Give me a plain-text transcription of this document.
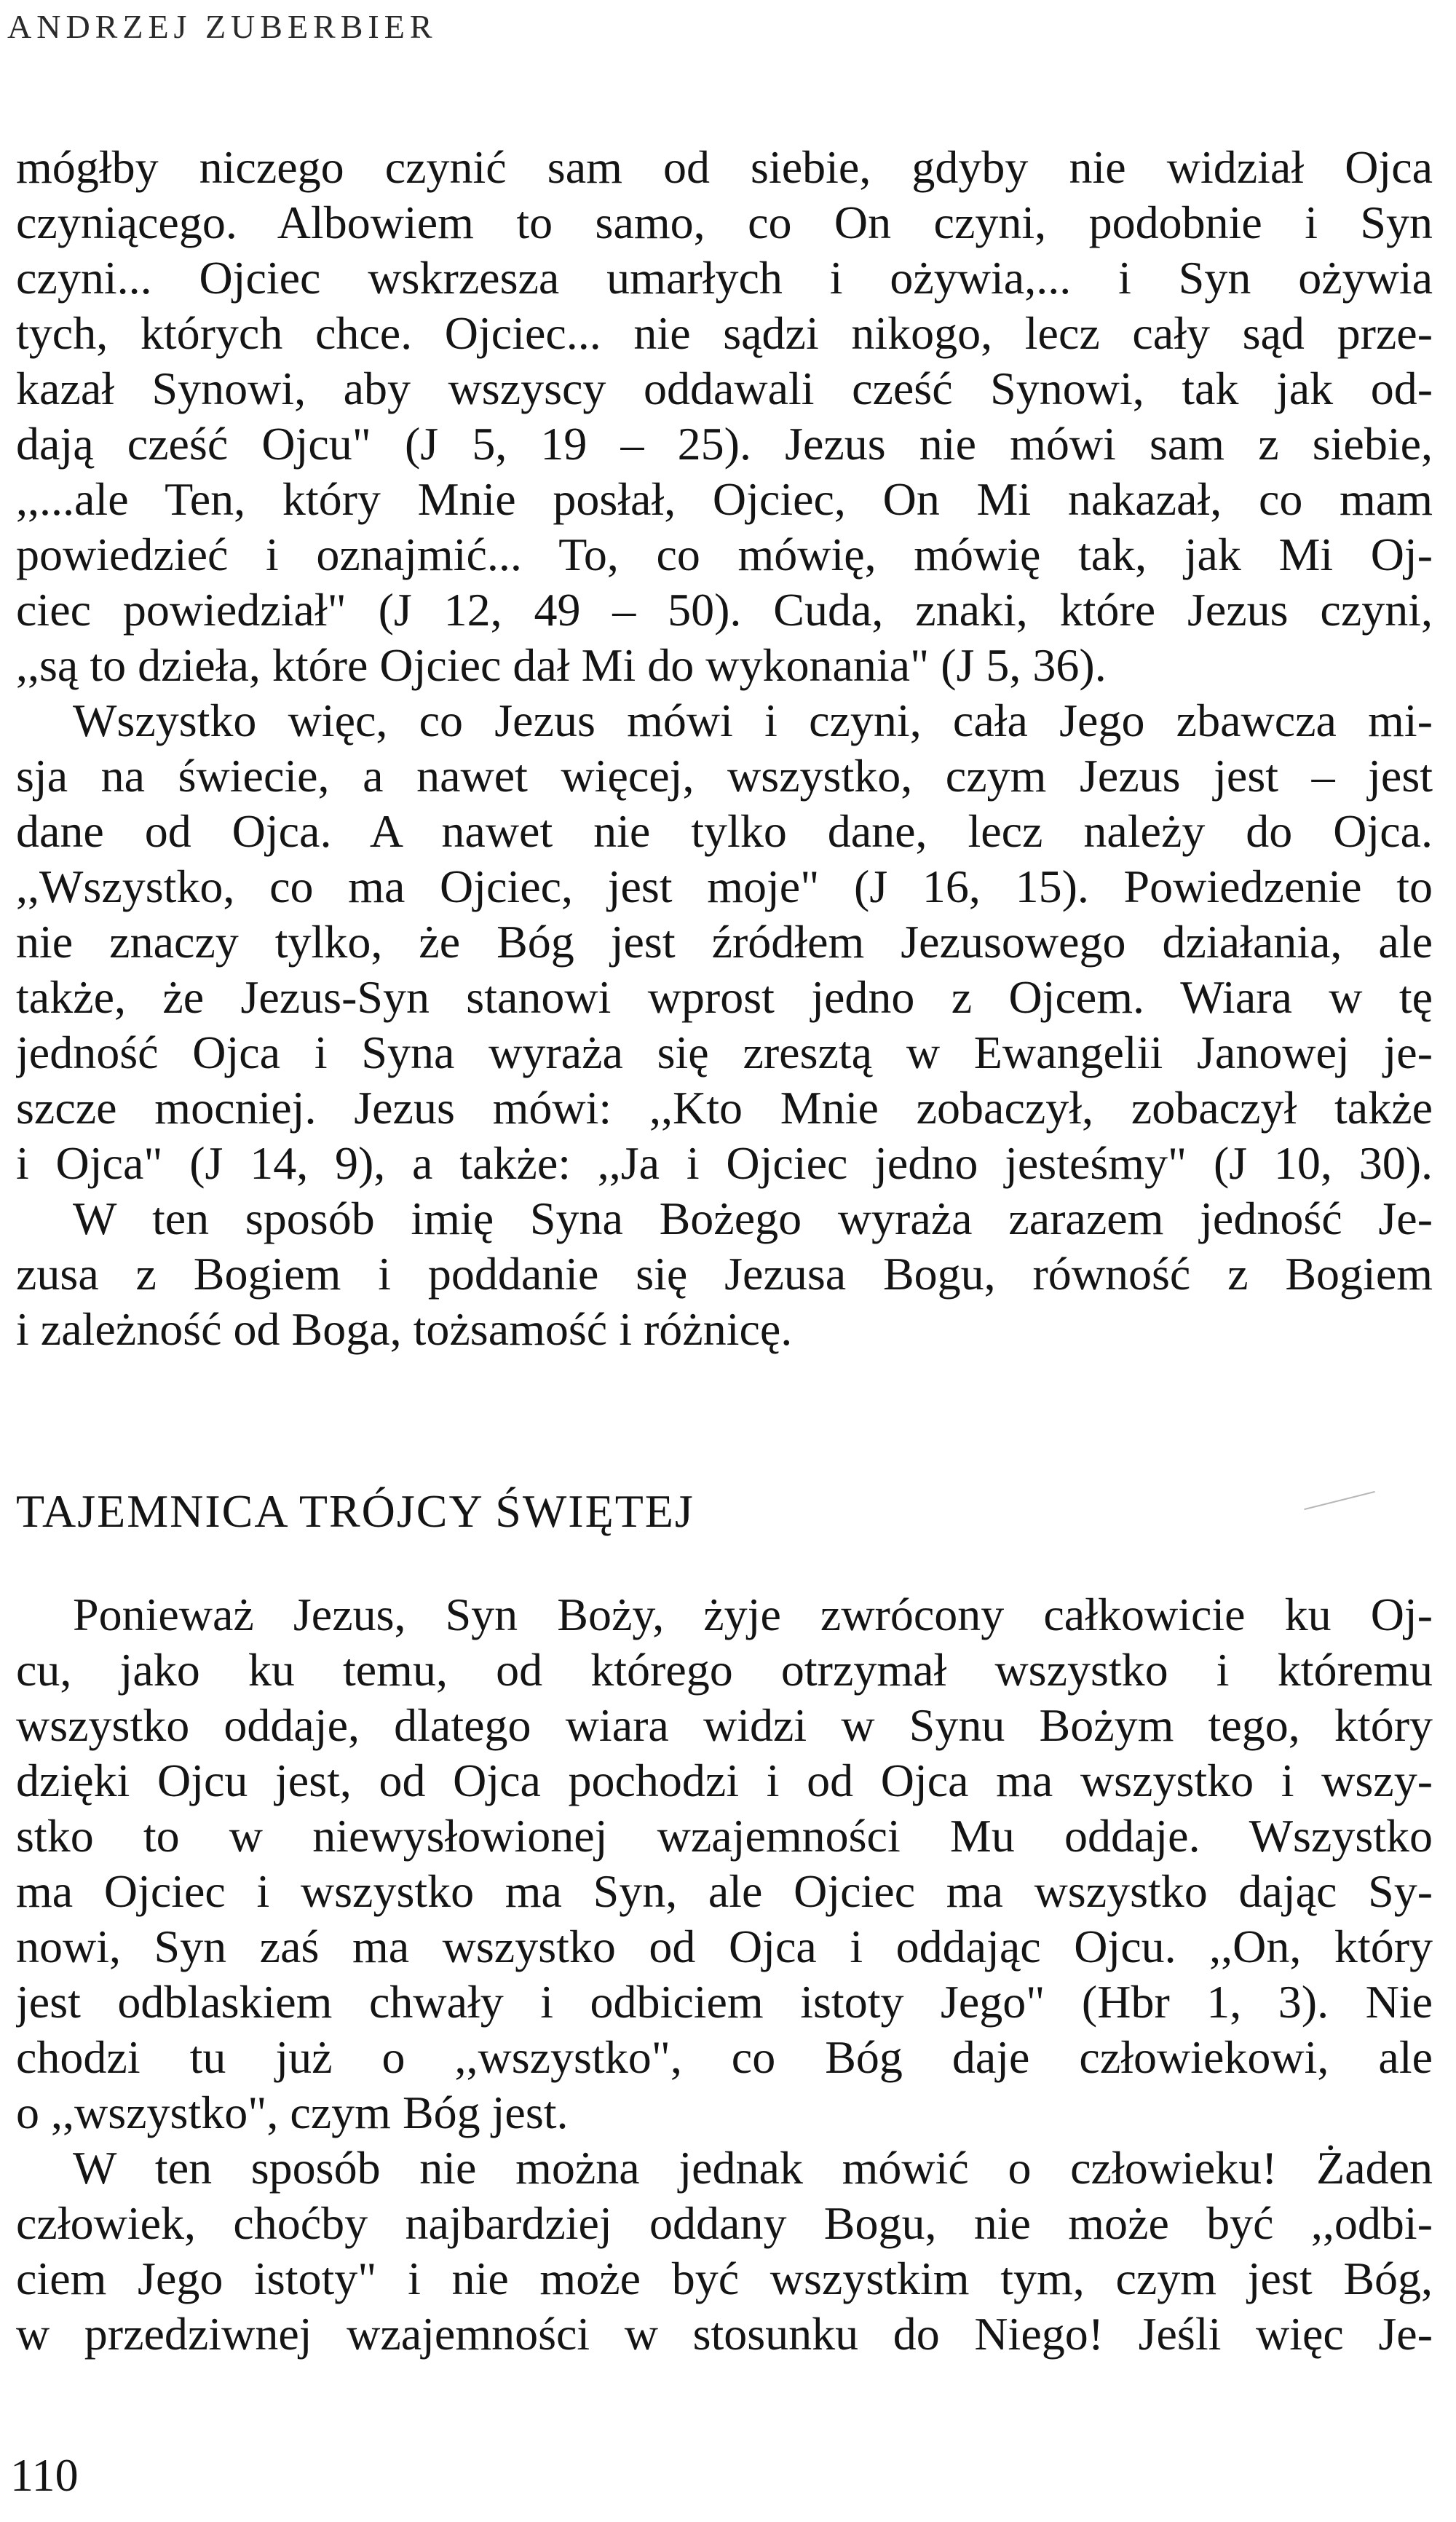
ANDRZEJ ZUBERBIER
mógłby niczego czynić sam od siebie, gdyby nie widział Ojca
czyniącego. Albowiem to samo, co On czyni, podobnie i Syn
czyni... Ojciec wskrzesza umarłych i ożywia,... i Syn ożywia
tych, których chce. Ojciec... nie sądzi nikogo, lecz cały sąd prze-
kazał Synowi, aby wszyscy oddawali cześć Synowi, tak jak od-
dają cześć Ojcu" (J 5, 19 – 25). Jezus nie mówi sam z siebie,
,,...ale Ten, który Mnie posłał, Ojciec, On Mi nakazał, co mam
powiedzieć i oznajmić... To, co mówię, mówię tak, jak Mi Oj-
ciec powiedział" (J 12, 49 – 50). Cuda, znaki, które Jezus czyni,
,,są to dzieła, które Ojciec dał Mi do wykonania" (J 5, 36).
Wszystko więc, co Jezus mówi i czyni, cała Jego zbawcza mi-
sja na świecie, a nawet więcej, wszystko, czym Jezus jest – jest
dane od Ojca. A nawet nie tylko dane, lecz należy do Ojca.
,,Wszystko, co ma Ojciec, jest moje" (J 16, 15). Powiedzenie to
nie znaczy tylko, że Bóg jest źródłem Jezusowego działania, ale
także, że Jezus-Syn stanowi wprost jedno z Ojcem. Wiara w tę
jedność Ojca i Syna wyraża się zresztą w Ewangelii Janowej je-
szcze mocniej. Jezus mówi: ,,Kto Mnie zobaczył, zobaczył także
i Ojca" (J 14, 9), a także: ,,Ja i Ojciec jedno jesteśmy" (J 10, 30).
W ten sposób imię Syna Bożego wyraża zarazem jedność Je-
zusa z Bogiem i poddanie się Jezusa Bogu, równość z Bogiem
i zależność od Boga, tożsamość i różnicę.
TAJEMNICA TRÓJCY ŚWIĘTEJ
Ponieważ Jezus, Syn Boży, żyje zwrócony całkowicie ku Oj-
cu, jako ku temu, od którego otrzymał wszystko i któremu
wszystko oddaje, dlatego wiara widzi w Synu Bożym tego, który
dzięki Ojcu jest, od Ojca pochodzi i od Ojca ma wszystko i wszy-
stko to w niewysłowionej wzajemności Mu oddaje. Wszystko
ma Ojciec i wszystko ma Syn, ale Ojciec ma wszystko dając Sy-
nowi, Syn zaś ma wszystko od Ojca i oddając Ojcu. ,,On, który
jest odblaskiem chwały i odbiciem istoty Jego" (Hbr 1, 3). Nie
chodzi tu już o ,,wszystko", co Bóg daje człowiekowi, ale
o ,,wszystko", czym Bóg jest.
W ten sposób nie można jednak mówić o człowieku! Żaden
człowiek, choćby najbardziej oddany Bogu, nie może być ,,odbi-
ciem Jego istoty" i nie może być wszystkim tym, czym jest Bóg,
w przedziwnej wzajemności w stosunku do Niego! Jeśli więc Je-
110
